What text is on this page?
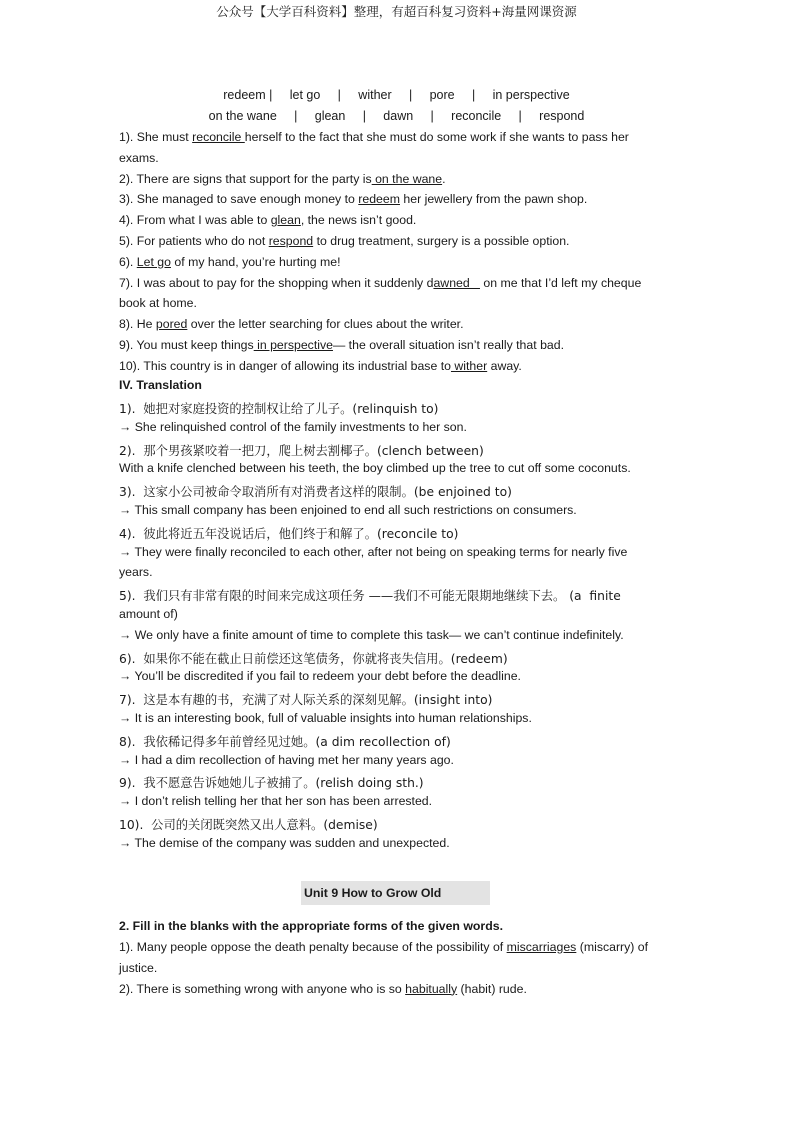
公众号【大学百科资料】整理，有超百科复习资料+海量网课资源
redeem |     let go     |     wither     |     pore     |     in perspective
on the wane     |     glean     |     dawn     |     reconcile     |     respond
1). She must reconcile herself to the fact that she must do some work if she wants to pass her
exams.
2). There are signs that support for the party is on the wane.
3). She managed to save enough money to redeem her jewellery from the pawn shop.
4). From what I was able to glean, the news isn’t good.
5). For patients who do not respond to drug treatment, surgery is a possible option.
6). Let go of my hand, you’re hurting me!
7). I was about to pay for the shopping when it suddenly dawned    on me that I’d left my cheque
book at home.
8). He pored over the letter searching for clues about the writer.
9). You must keep things in perspective— the overall situation isn’t really that bad.
10). This country is in danger of allowing its industrial base to wither away.
IV. Translation
1).  她把对家庭投资的控制权让给了儿子。(relinquish to)
→ She relinquished control of the family investments to her son.
2).  那个男孩紧咬着一把刀，爬上树去割椰子。(clench between)
With a knife clenched between his teeth, the boy climbed up the tree to cut off some coconuts.
3).  这家小公司被命令取消所有对消费者这样的限制。(be enjoined to)
→ This small company has been enjoined to end all such restrictions on consumers.
4).  彼此将近五年没说话后，他们终于和解了。(reconcile to)
→ They were finally reconciled to each other, after not being on speaking terms for nearly five
years.
5).  我们只有非常有限的时间来完成这项任务 ——我们不可能无限期地继续下去。 (a  finite
amount of)
→ We only have a finite amount of time to complete this task— we can’t continue indefinitely.
6).  如果你不能在截止日前偿还这笔债务，你就将丧失信用。(redeem)
→ You’ll be discredited if you fail to redeem your debt before the deadline.
7).  这是本有趣的书，充满了对人际关系的深刻见解。(insight into)
→ It is an interesting book, full of valuable insights into human relationships.
8).  我依稀记得多年前曾经见过她。(a dim recollection of)
→ I had a dim recollection of having met her many years ago.
9).  我不愿意告诉她她儿子被捕了。(relish doing sth.)
→ I don’t relish telling her that her son has been arrested.
10).  公司的关闭既突然又出人意料。(demise)
→ The demise of the company was sudden and unexpected.
Unit 9 How to Grow Old
2. Fill in the blanks with the appropriate forms of the given words.
1). Many people oppose the death penalty because of the possibility of miscarriages (miscarry) of
justice.
2). There is something wrong with anyone who is so habitually (habit) rude.
